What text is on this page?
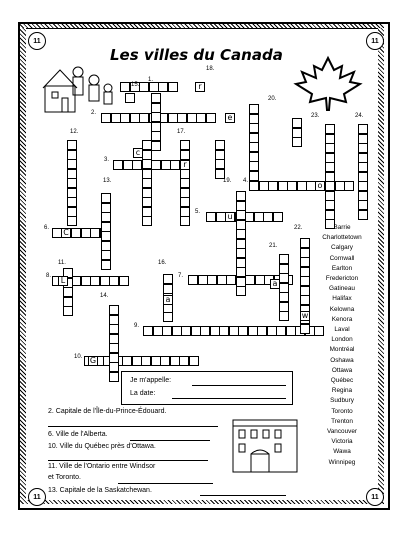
11	11
11	11
Les villes du Canada
r
e
c
r
o
u
C
L	a
a
w
G
1.
2.
3.
4.
5.
6.
7.
8.
9.
10.
11.
12.
13.
14.
15.
16.
17.
18.
19.
20.
21.
22.
23.	24.
Barrie
Charlottetown
Calgary
Cornwall
Earlton
Fredericton
Gatineau
Halifax
Kelowna
Kenora
Laval
London
Montréal
Oshawa
Ottawa
Québec
Regina
Sudbury
Toronto
Trenton
Vancouver
Victoria
Wawa
Winnipeg
Je m'appelle:
La date:
2. Capitale de l'Île-du-Prince-Édouard.
6. Ville de l'Alberta.
10. Ville du Québec près d'Ottawa.
11. Ville de l'Ontario entre Windsor
et Toronto.
13. Capitale de la Saskatchewan.
